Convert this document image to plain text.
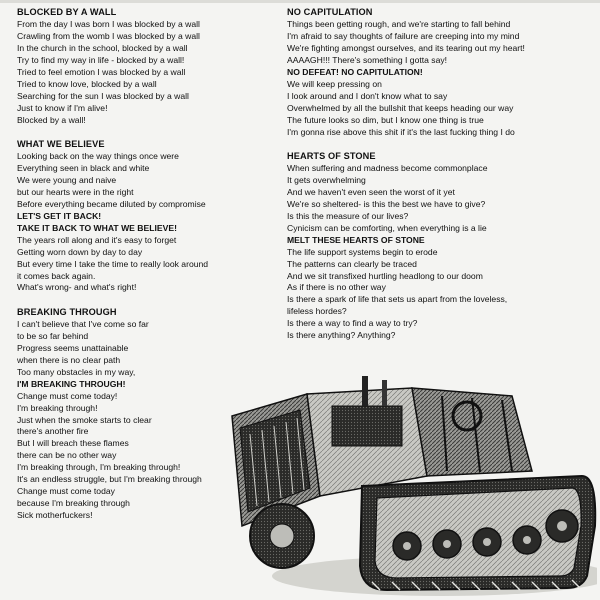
BLOCKED BY A WALL
From the day I was born I was blocked by a wall
Crawling from the womb I was blocked by a wall
In the church in the school, blocked by a wall
Try to find my way in life - blocked by a wall!
Tried to feel emotion I was blocked by a wall
Tried to know love, blocked by a wall
Searching for the sun I was blocked by a wall
Just to know if I'm alive!
Blocked by a wall!
WHAT WE BELIEVE
Looking back on the way things once were
Everything seen in black and white
We were young and naive
but our hearts were in the right
Before everything became diluted by compromise
LET'S GET IT BACK!
TAKE IT BACK TO WHAT WE BELIEVE!
The years roll along and it's easy to forget
Getting worn down by day to day
But every time I take the time to really look around
it comes back again.
What's wrong- and what's right!
BREAKING THROUGH
I can't believe that I've come so far
to be so far behind
Progress seems unattainable
when there is no clear path
Too many obstacles in my way,
I'M BREAKING THROUGH!
Change must come today!
I'm breaking through!
Just when the smoke starts to clear
there's another fire
But I will breach these flames
there can be no other way
I'm breaking through, I'm breaking through!
It's an endless struggle, but I'm breaking through
Change must come today
because I'm breaking through
Sick motherfuckers!
NO CAPITULATION
Things been getting rough, and we're starting to fall behind
I'm afraid to say thoughts of failure are creeping into my mind
We're fighting amongst ourselves, and its tearing out my heart!
AAAAGH!!! There's something I gotta say!
NO DEFEAT! NO CAPITULATION!
We will keep pressing on
I look around and I don't know what to say
Overwhelmed by all the bullshit that keeps heading our way
The future looks so dim, but I know one thing is true
I'm gonna rise above this shit if it's the last fucking thing I do
HEARTS OF STONE
When suffering and madness become commonplace
It gets overwhelming
And we haven't even seen the worst of it yet
We're so sheltered- is this the best we have to give?
Is this the measure of our lives?
Cynicism can be comforting, when everything is a lie
MELT THESE HEARTS OF STONE
The life support systems begin to erode
The patterns can clearly be traced
And we sit transfixed hurtling headlong to our doom
As if there is no other way
Is there a spark of life that sets us apart from the loveless,
lifeless hordes?
Is there a way to find a way to try?
Is there anything? Anything?
